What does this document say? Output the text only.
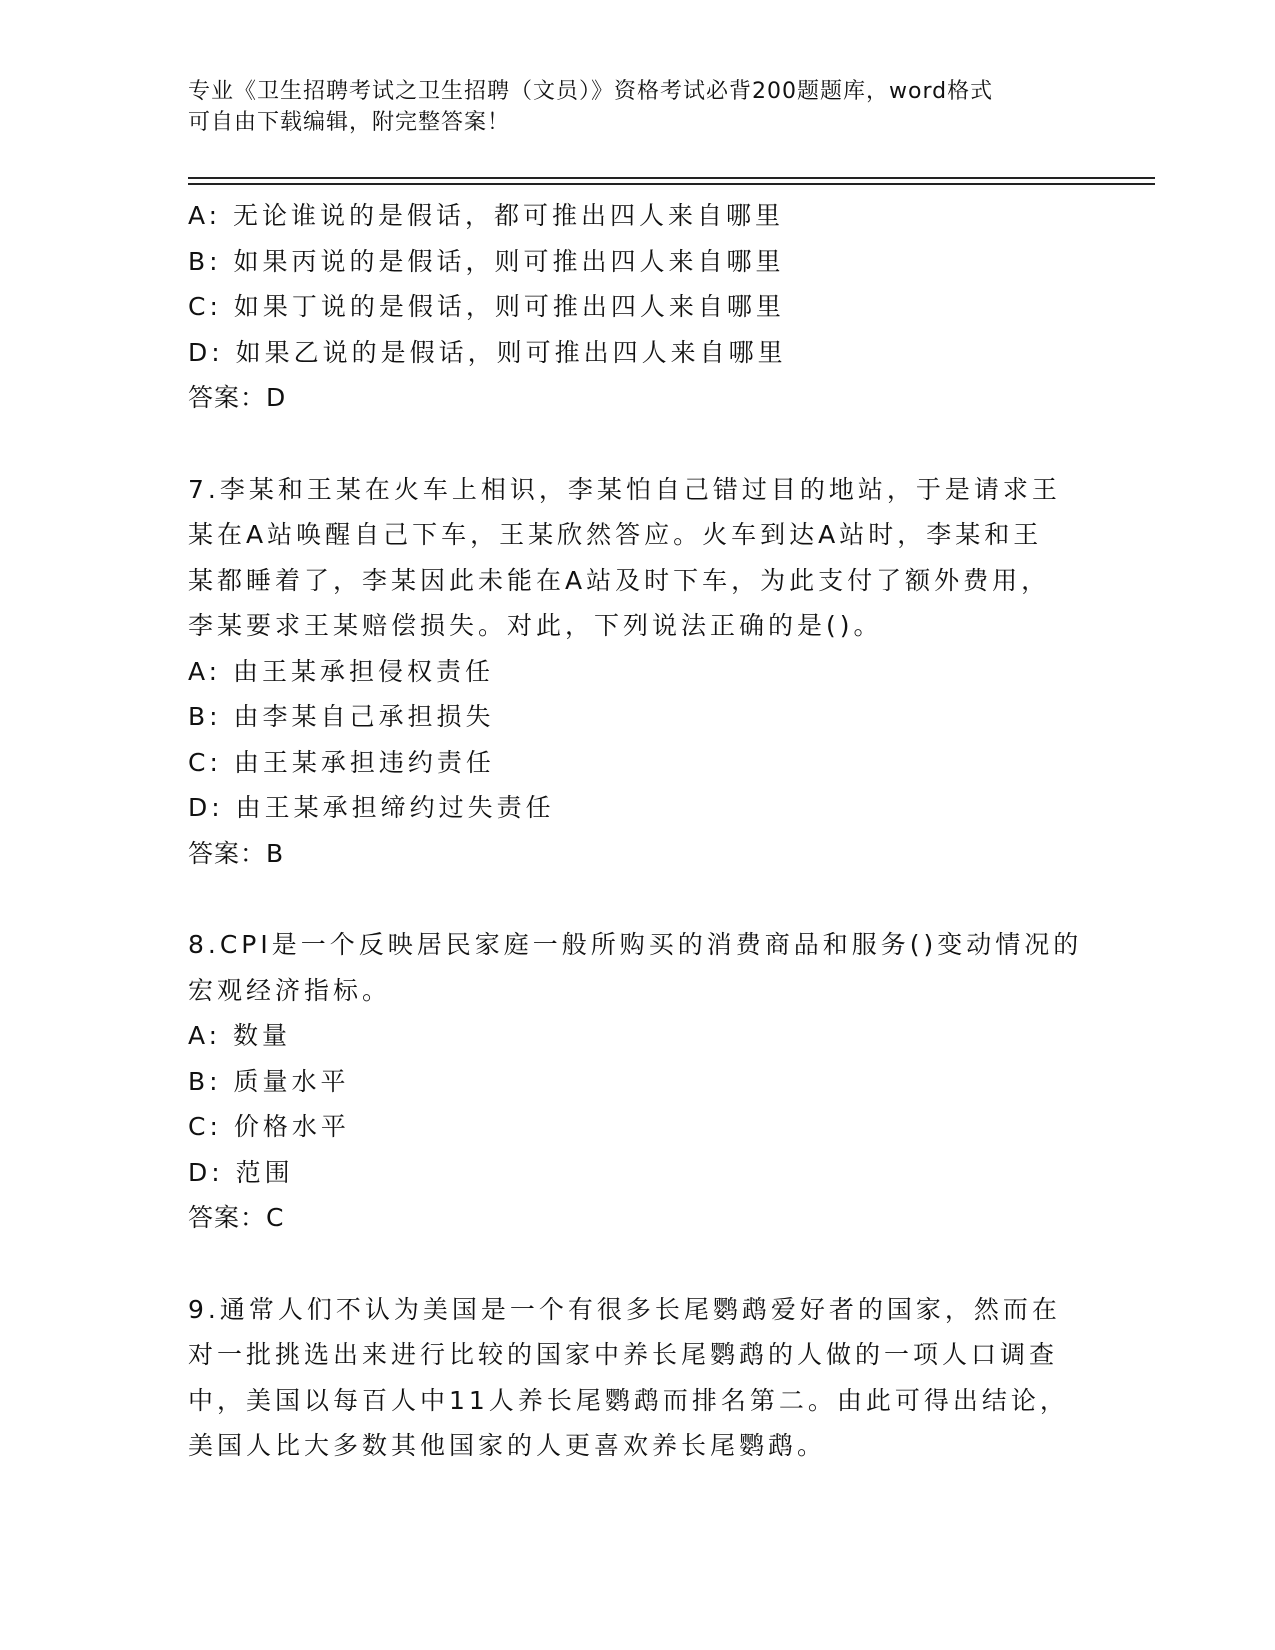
专业《卫生招聘考试之卫生招聘（文员）》资格考试必背200题题库，word格式
可自由下载编辑，附完整答案！
A: 无论谁说的是假话，都可推出四人来自哪里
B: 如果丙说的是假话，则可推出四人来自哪里
C: 如果丁说的是假话，则可推出四人来自哪里
D: 如果乙说的是假话，则可推出四人来自哪里
答案：D
7.李某和王某在火车上相识，李某怕自己错过目的地站，于是请求王
某在A站唤醒自己下车，王某欣然答应。火车到达A站时，李某和王
某都睡着了，李某因此未能在A站及时下车，为此支付了额外费用，
李某要求王某赔偿损失。对此，下列说法正确的是()。
A: 由王某承担侵权责任
B: 由李某自己承担损失
C: 由王某承担违约责任
D: 由王某承担缔约过失责任
答案：B
8.CPI是一个反映居民家庭一般所购买的消费商品和服务()变动情况的
宏观经济指标。
A: 数量
B: 质量水平
C: 价格水平
D: 范围
答案：C
9.通常人们不认为美国是一个有很多长尾鹦鹉爱好者的国家，然而在
对一批挑选出来进行比较的国家中养长尾鹦鹉的人做的一项人口调查
中，美国以每百人中11人养长尾鹦鹉而排名第二。由此可得出结论，
美国人比大多数其他国家的人更喜欢养长尾鹦鹉。
